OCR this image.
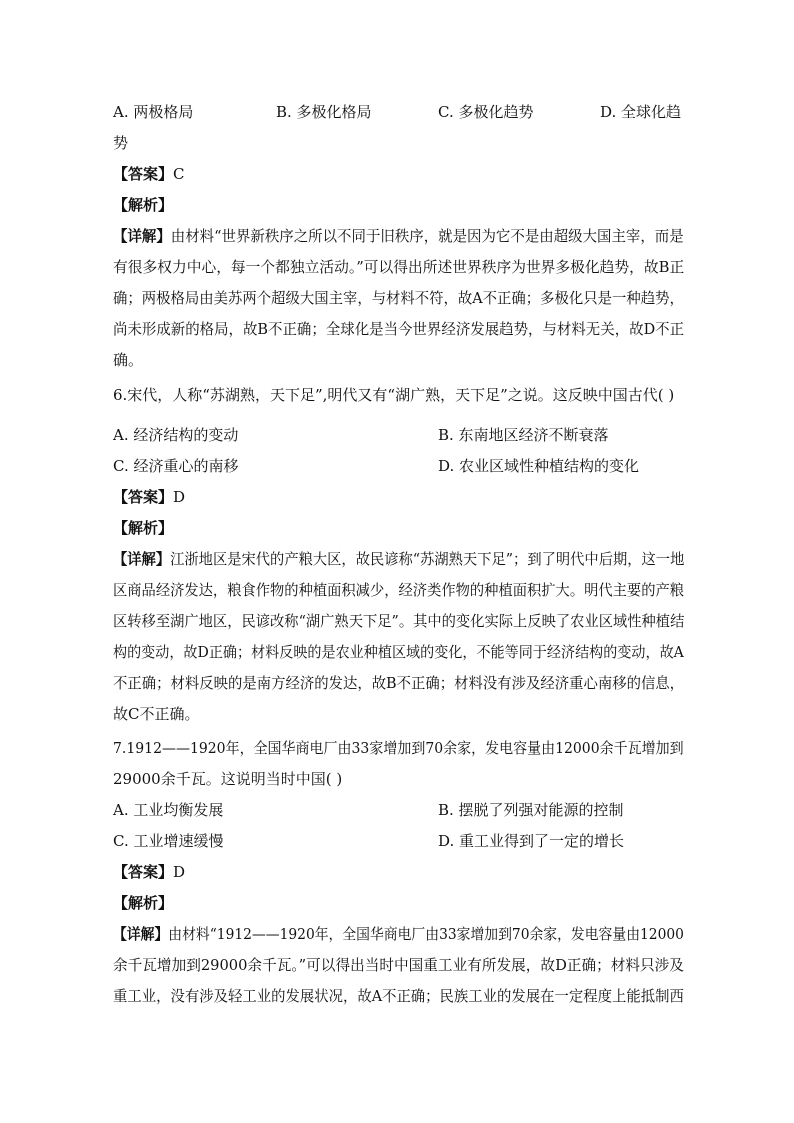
A. 两极格局	B. 多极化格局	C. 多极化趋势	D. 全球化趋
势
【答案】C
【解析】
【详解】由材料“世界新秩序之所以不同于旧秩序，就是因为它不是由超级大国主宰，而是
有很多权力中心，每一个都独立活动。”可以得出所述世界秩序为世界多极化趋势，故B正
确；两极格局由美苏两个超级大国主宰，与材料不符，故A不正确；多极化只是一种趋势，
尚未形成新的格局，故B不正确；全球化是当今世界经济发展趋势，与材料无关，故D不正
确。
6.宋代，人称“苏湖熟，天下足”,明代又有“湖广熟，天下足”之说。这反映中国古代( )
A. 经济结构的变动	B. 东南地区经济不断衰落
C. 经济重心的南移	D. 农业区域性种植结构的变化
【答案】D
【解析】
【详解】江浙地区是宋代的产粮大区，故民谚称“苏湖熟天下足”；到了明代中后期，这一地
区商品经济发达，粮食作物的种植面积减少，经济类作物的种植面积扩大。明代主要的产粮
区转移至湖广地区，民谚改称“湖广熟天下足”。其中的变化实际上反映了农业区域性种植结
构的变动，故D正确；材料反映的是农业种植区域的变化，不能等同于经济结构的变动，故A
不正确；材料反映的是南方经济的发达，故B不正确；材料没有涉及经济重心南移的信息，
故C不正确。
7.1912——1920年，全国华商电厂由33家增加到70余家，发电容量由12000余千瓦增加到
29000余千瓦。这说明当时中国( )
A. 工业均衡发展	B. 摆脱了列强对能源的控制
C. 工业增速缓慢	D. 重工业得到了一定的增长
【答案】D
【解析】
【详解】由材料“1912——1920年，全国华商电厂由33家增加到70余家，发电容量由12000
余千瓦增加到29000余千瓦。”可以得出当时中国重工业有所发展，故D正确；材料只涉及
重工业，没有涉及轻工业的发展状况，故A不正确；民族工业的发展在一定程度上能抵制西
